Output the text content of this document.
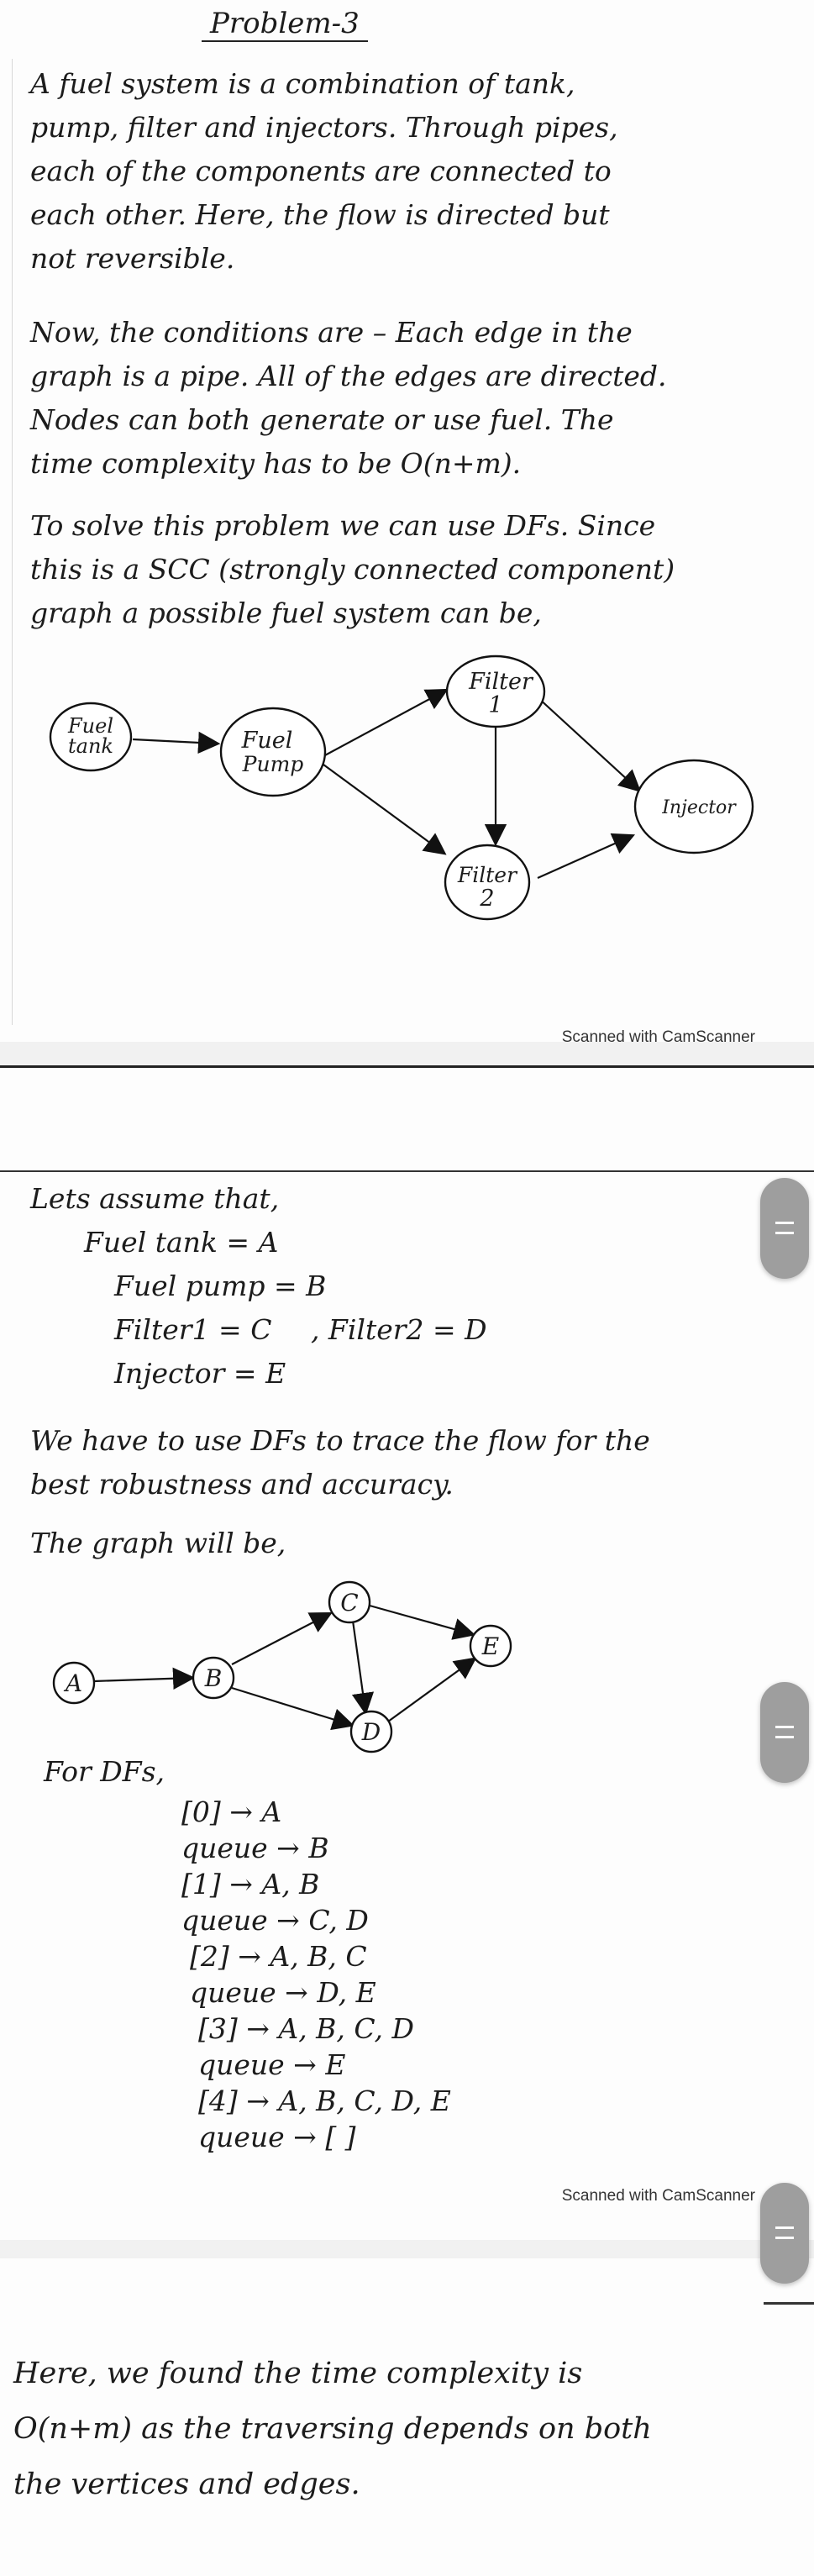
Problem-3
A fuel system is a combination of tank,
pump, filter and injectors. Through pipes,
each of the components are connected to
each other. Here, the flow is directed but
not reversible.
Now, the conditions are – Each edge in the
graph is a pipe. All of the edges are directed.
Nodes can both generate or use fuel. The
time complexity has to be O(n+m).
To solve this problem we can use DFs. Since
this is a SCC (strongly connected component)
graph a possible fuel system can be,
Fuel
tank	Fuel
Pump
Filter
1
Filter
2
Injector
Scanned with CamScanner
Lets assume that,
Fuel tank = A
Fuel pump = B
Filter1 = C , Filter2 = D
Injector = E
We have to use DFs to trace the flow for the
best robustness and accuracy.
The graph will be,
A	B
C
D
E
For DFs,
[0] → A
queue → B
[1] → A, B
queue → C, D
[2] → A, B, C
queue → D, E
[3] → A, B, C, D
queue → E
[4] → A, B, C, D, E
queue → [ ]
Scanned with CamScanner
Here, we found the time complexity is
O(n+m) as the traversing depends on both
the vertices and edges.
